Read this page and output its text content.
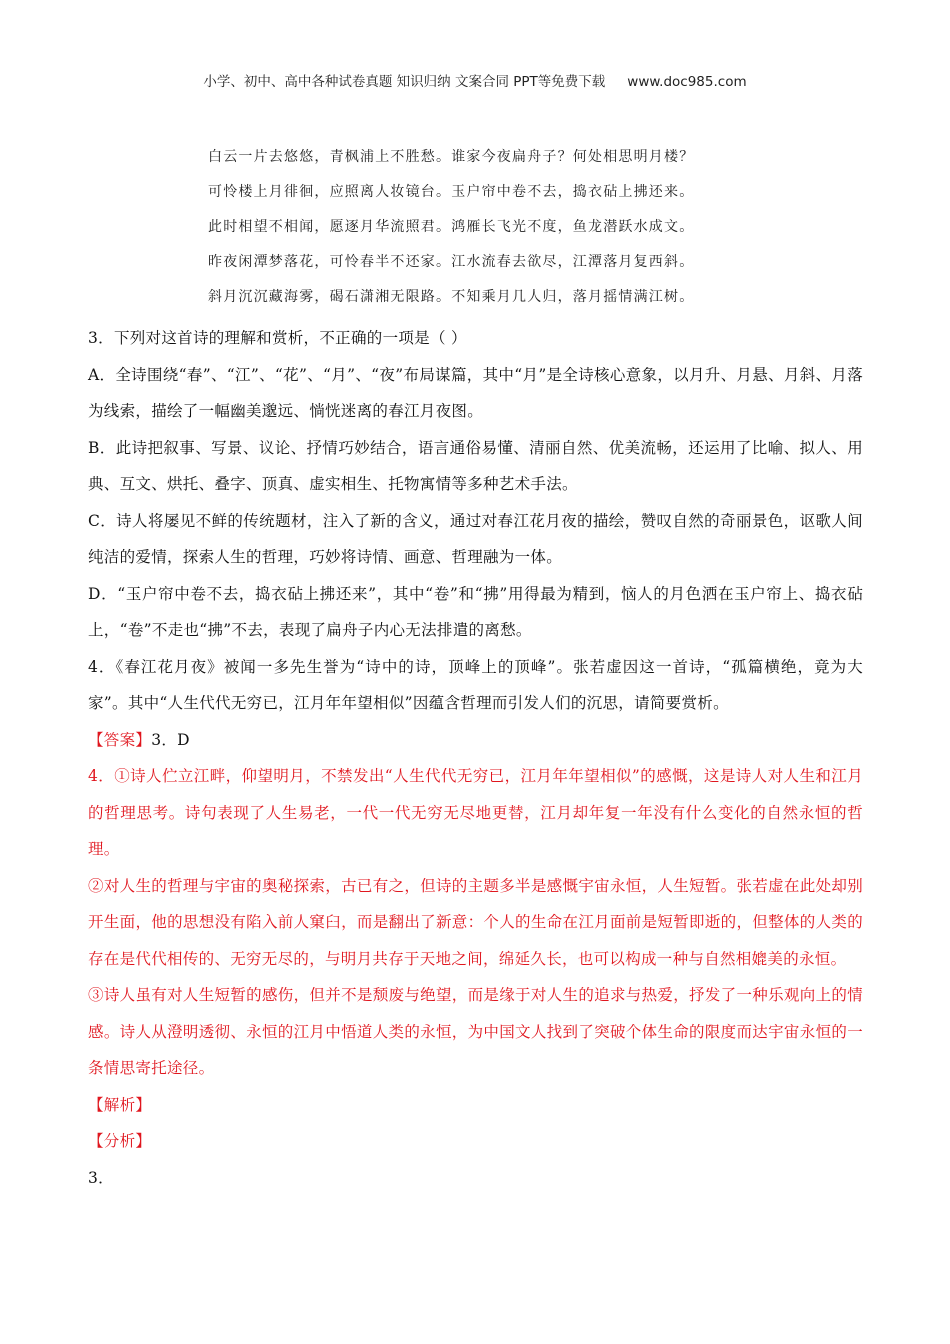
小学、初中、高中各种试卷真题 知识归纳 文案合同 PPT等免费下载 www.doc985.com
白云一片去悠悠，青枫浦上不胜愁。谁家今夜扁舟子？何处相思明月楼？
可怜楼上月徘徊，应照离人妆镜台。玉户帘中卷不去，捣衣砧上拂还来。
此时相望不相闻，愿逐月华流照君。鸿雁长飞光不度，鱼龙潜跃水成文。
昨夜闲潭梦落花，可怜春半不还家。江水流春去欲尽，江潭落月复西斜。
斜月沉沉藏海雾，碣石潇湘无限路。不知乘月几人归，落月摇情满江树。

3．下列对这首诗的理解和赏析，不正确的一项是（ ）

A．全诗围绕“春”、“江”、“花”、“月”、“夜”布局谋篇，其中“月”是全诗核心意象，以月升、月悬、月斜、月落为线索，描绘了一幅幽美邈远、惝恍迷离的春江月夜图。

B．此诗把叙事、写景、议论、抒情巧妙结合，语言通俗易懂、清丽自然、优美流畅，还运用了比喻、拟人、用典、互文、烘托、叠字、顶真、虚实相生、托物寓情等多种艺术手法。

C．诗人将屡见不鲜的传统题材，注入了新的含义，通过对春江花月夜的描绘，赞叹自然的奇丽景色，讴歌人间纯洁的爱情，探索人生的哲理，巧妙将诗情、画意、哲理融为一体。

D．“玉户帘中卷不去，捣衣砧上拂还来”，其中“卷”和“拂”用得最为精到，恼人的月色洒在玉户帘上、捣衣砧上，“卷”不走也“拂”不去，表现了扁舟子内心无法排遣的离愁。

4．《春江花月夜》被闻一多先生誉为“诗中的诗，顶峰上的顶峰”。张若虚因这一首诗，“孤篇横绝，竟为大家”。其中“人生代代无穷已，江月年年望相似”因蕴含哲理而引发人们的沉思，请简要赏析。

【答案】3．D

4．①诗人伫立江畔，仰望明月，不禁发出“人生代代无穷已，江月年年望相似”的感慨，这是诗人对人生和江月的哲理思考。诗句表现了人生易老，一代一代无穷无尽地更替，江月却年复一年没有什么变化的自然永恒的哲理。

②对人生的哲理与宇宙的奥秘探索，古已有之，但诗的主题多半是感慨宇宙永恒，人生短暂。张若虚在此处却别开生面，他的思想没有陷入前人窠臼，而是翻出了新意：个人的生命在江月面前是短暂即逝的，但整体的人类的存在是代代相传的、无穷无尽的，与明月共存于天地之间，绵延久长，也可以构成一种与自然相媲美的永恒。

③诗人虽有对人生短暂的感伤，但并不是颓废与绝望，而是缘于对人生的追求与热爱，抒发了一种乐观向上的情感。诗人从澄明透彻、永恒的江月中悟道人类的永恒，为中国文人找到了突破个体生命的限度而达宇宙永恒的一条情思寄托途径。

【解析】

【分析】

3．
